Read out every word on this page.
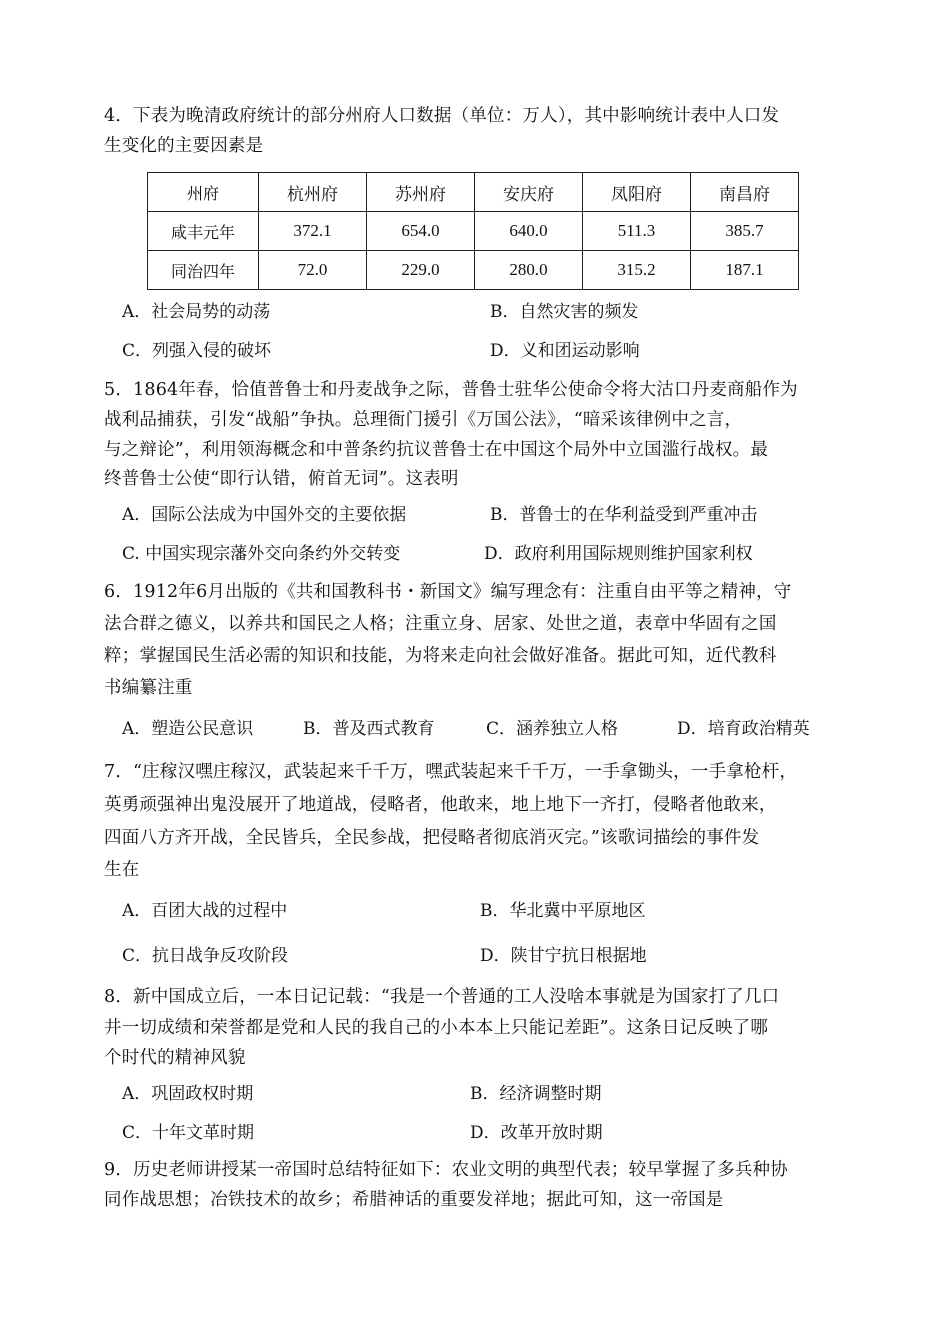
4．下表为晚清政府统计的部分州府人口数据（单位：万人），其中影响统计表中人口发
生变化的主要因素是
州府	杭州府	苏州府	安庆府	凤阳府	南昌府
咸丰元年	372.1	654.0	640.0	511.3	385.7
同治四年	72.0	229.0	280.0	315.2	187.1
A．社会局势的动荡	B．自然灾害的频发
C．列强入侵的破坏	D．义和团运动影响
5．1864年春，恰值普鲁士和丹麦战争之际，普鲁士驻华公使命令将大沽口丹麦商船作为
战利品捕获，引发“战船”争执。总理衙门援引《万国公法》，“暗采该律例中之言，
与之辩论”，利用领海概念和中普条约抗议普鲁士在中国这个局外中立国滥行战权。最
终普鲁士公使“即行认错，俯首无词”。这表明
A．国际公法成为中国外交的主要依据	B．普鲁士的在华利益受到严重冲击
C. 中国实现宗藩外交向条约外交转变	D．政府利用国际规则维护国家利权
6．1912年6月出版的《共和国教科书・新国文》编写理念有：注重自由平等之精神，守
法合群之德义，以养共和国民之人格；注重立身、居家、处世之道，表章中华固有之国
粹；掌握国民生活必需的知识和技能，为将来走向社会做好准备。据此可知，近代教科
书编纂注重
A．塑造公民意识	B．普及西式教育	C．涵养独立人格	D．培育政治精英
7．“庄稼汉嘿庄稼汉，武装起来千千万，嘿武装起来千千万，一手拿锄头，一手拿枪杆，
英勇顽强神出鬼没展开了地道战，侵略者，他敢来，地上地下一齐打，侵略者他敢来，
四面八方齐开战，全民皆兵，全民参战，把侵略者彻底消灭完。”该歌词描绘的事件发
生在
A．百团大战的过程中	B．华北冀中平原地区
C．抗日战争反攻阶段	D．陕甘宁抗日根据地
8．新中国成立后，一本日记记载：“我是一个普通的工人没啥本事就是为国家打了几口
井一切成绩和荣誉都是党和人民的我自己的小本本上只能记差距”。这条日记反映了哪
个时代的精神风貌
A．巩固政权时期	B．经济调整时期
C．十年文革时期	D．改革开放时期
9．历史老师讲授某一帝国时总结特征如下：农业文明的典型代表；较早掌握了多兵种协
同作战思想；冶铁技术的故乡；希腊神话的重要发祥地；据此可知，这一帝国是
